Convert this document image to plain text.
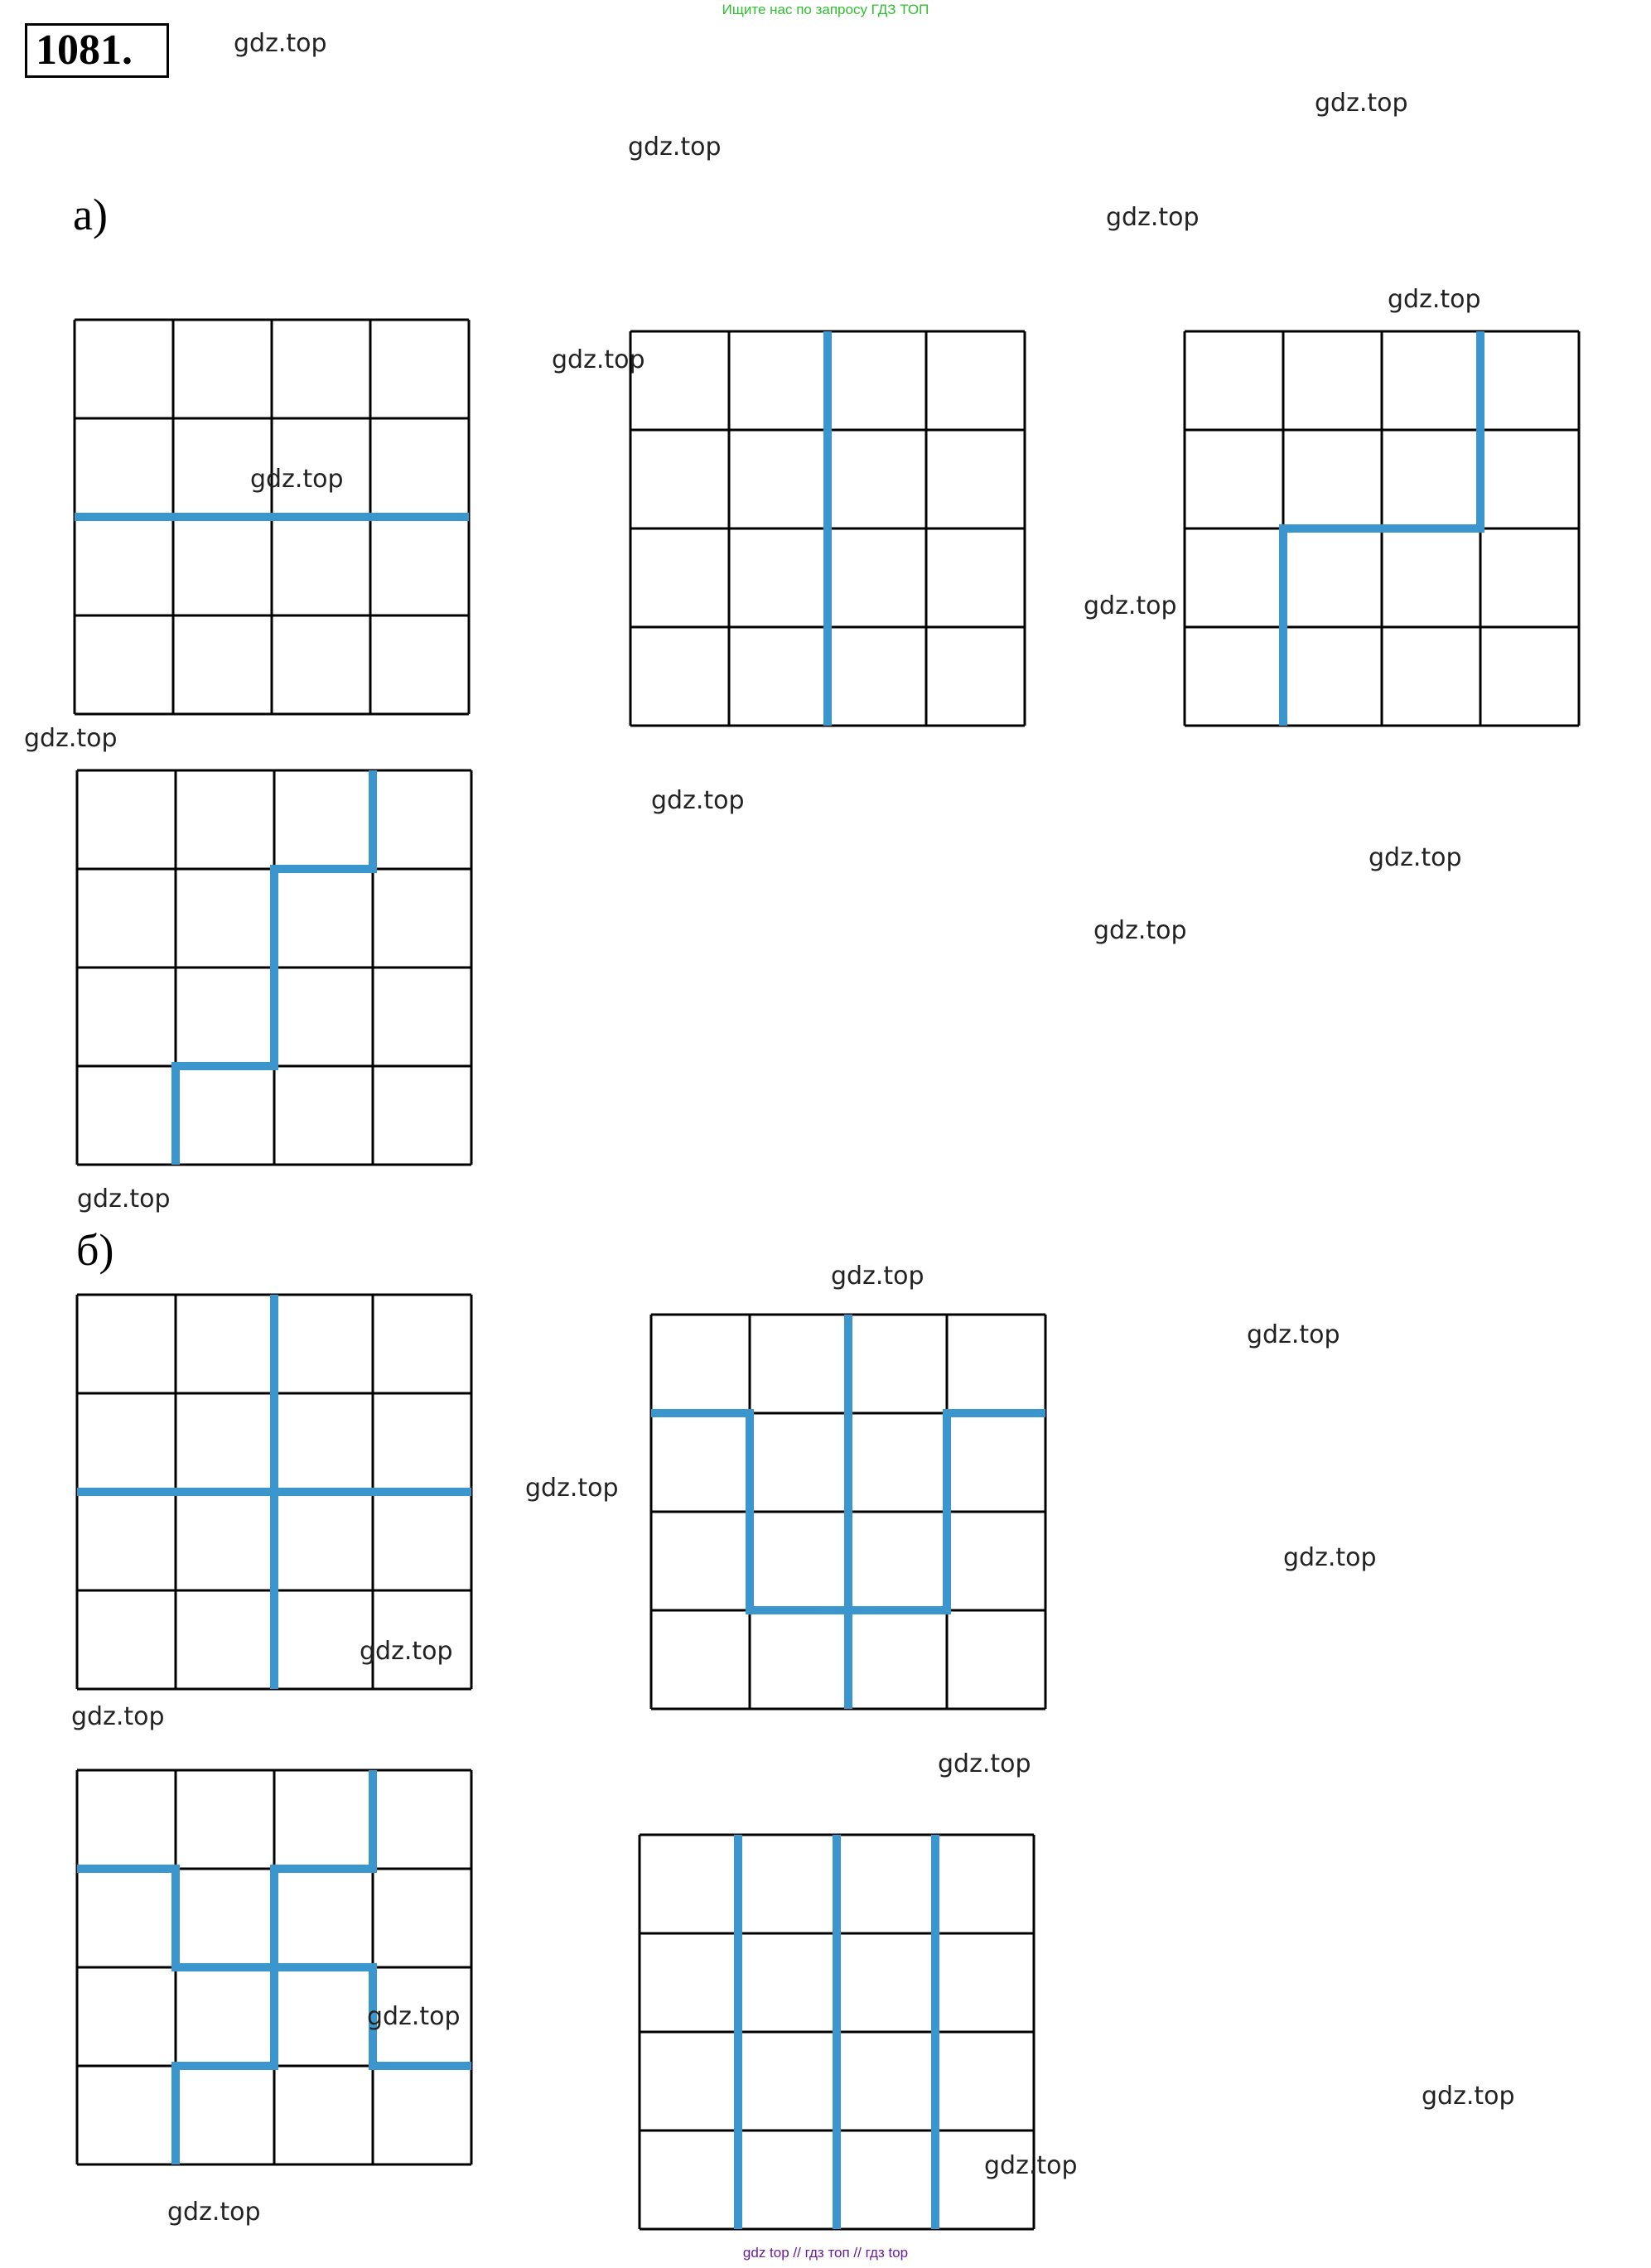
Ищите нас по запросу ГДЗ ТОП
1081.
а)
б)
gdz.top
gdz.top
gdz.top
gdz.top
gdz.top
gdz.top
gdz.top
gdz.top
gdz.top
gdz.top
gdz.top
gdz.top
gdz.top
gdz.top
gdz.top
gdz.top
gdz.top
gdz.top
gdz.top
gdz.top
gdz.top
gdz.top
gdz.top
gdz.top
gdz top // гдз топ // гдз top
